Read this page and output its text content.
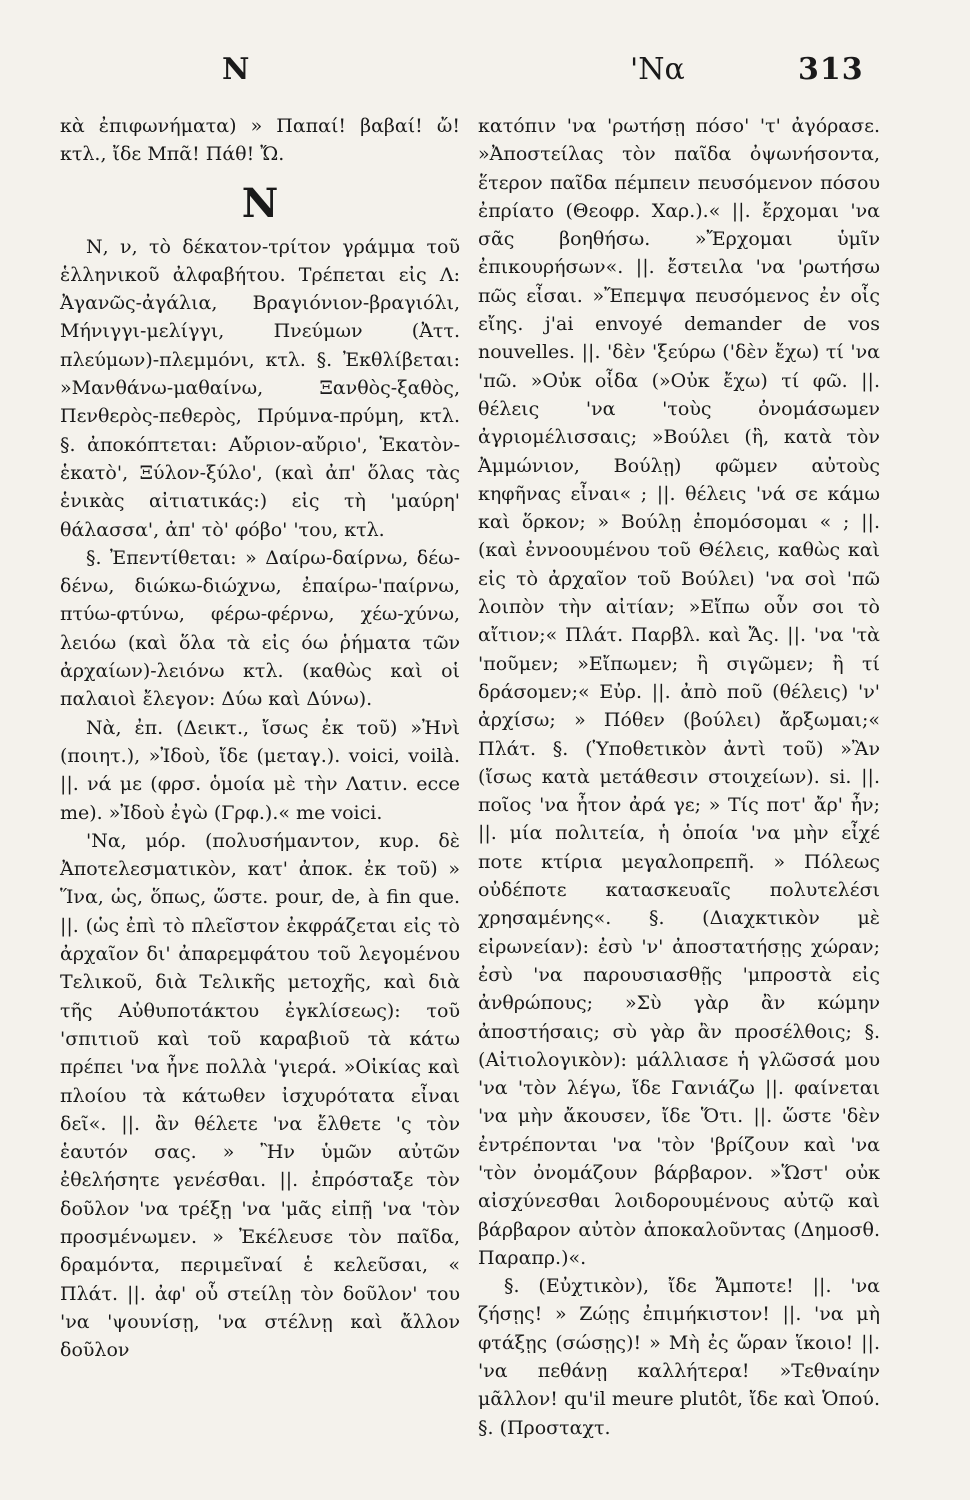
N	'Να	313

κὰ ἐπιφωνήματα) » Παπαί! βαβαί! ὤ! κτλ., ἴδε Μπᾶ! Πάθ! Ὤ.

N

Ν, ν, τὸ δέκατον-τρίτον γράμμα τοῦ ἑλληνικοῦ ἀλφαβήτου. Τρέπεται εἰς Λ: Ἀγανῶς-ἀγάλια, Βραγιόνιον-βραγιόλι, Μήνιγγι-μελίγγι, Πνεύμων (Ἀττ. πλεύμων)-πλεμμόνι, κτλ. §. Ἐκθλίβεται: »Μανθάνω-μαθαίνω, Ξανθὸς-ξαθὸς, Πενθερὸς-πεθερὸς, Πρύμνα-πρύμη, κτλ. §. ἀποκόπτεται: Αὔριον-αὔριο', Ἑκατὸν-ἑκατὸ', Ξύλον-ξύλο', (καὶ ἀπ' ὅλας τὰς ἑνικὰς αἰτιατικάς:) εἰς τὴ 'μαύρη' θάλασσα', ἀπ' τὸ' φόβο' 'του, κτλ.

§. Ἐπεντίθεται: » Δαίρω-δαίρνω, δέω-δένω, διώκω-διώχνω, ἐπαίρω-'παίρνω, πτύω-φτύνω, φέρω-φέρνω, χέω-χύνω, λειόω (καὶ ὅλα τὰ εἰς όω ῥήματα τῶν ἀρχαίων)-λειόνω κτλ. (καθὼς καὶ οἱ παλαιοὶ ἔλεγον: Δύω καὶ Δύνω).

Νὰ, ἐπ. (Δεικτ., ἴσως ἐκ τοῦ) »Ἠνὶ (ποιητ.), »Ἰδοὺ, ἴδε (μεταγ.). voici, voilà. ||. νά με (φρσ. ὁμοία μὲ τὴν Λατιν. ecce me). »Ἰδοὺ ἐγὼ (Γρφ.).« me voici.

'Να, μόρ. (πολυσήμαντον, κυρ. δὲ Ἀποτελεσματικὸν, κατ' ἀποκ. ἐκ τοῦ) » Ἵνα, ὡς, ὅπως, ὥστε. pour, de, à fin que. ||. (ὡς ἐπὶ τὸ πλεῖστον ἐκφράζεται εἰς τὸ ἀρχαῖον δι' ἀπαρεμφάτου τοῦ λεγομένου Τελικοῦ, διὰ Τελικῆς μετοχῆς, καὶ διὰ τῆς Αὐθυποτάκτου ἐγκλίσεως): τοῦ 'σπιτιοῦ καὶ τοῦ καραβιοῦ τὰ κάτω πρέπει 'να ἦνε πολλὰ 'γιερά. »Οἰκίας καὶ πλοίου τὰ κάτωθεν ἰσχυρότατα εἶναι δεῖ«. ||. ἂν θέλετε 'να ἔλθετε 'ς τὸν ἑαυτόν σας. » Ἢν ὑμῶν αὐτῶν ἐθελήσητε γενέσθαι. ||. ἐπρόσταξε τὸν δοῦλον 'να τρέξῃ 'να 'μᾶς εἰπῇ 'να 'τὸν προσμένωμεν. » Ἐκέλευσε τὸν παῖδα, δραμόντα, περιμεῖναί ἑ κελεῦσαι, « Πλάτ. ||. ἀφ' οὗ στείλῃ τὸν δοῦλον' του 'να 'ψουνίσῃ, 'να στέλνῃ καὶ ἄλλον δοῦλον

κατόπιν 'να 'ρωτήσῃ πόσο' 'τ' ἀγόρασε. »Ἀποστείλας τὸν παῖδα ὀψωνήσοντα, ἕτερον παῖδα πέμπειν πευσόμενον πόσου ἐπρίατο (Θεοφρ. Χαρ.).« ||. ἔρχομαι 'να σᾶς βοηθήσω. »Ἔρχομαι ὑμῖν ἐπικουρήσων«. ||. ἔστειλα 'να 'ρωτήσω πῶς εἶσαι. »Ἔπεμψα πευσόμενος ἐν οἷς εἴης. j'ai envoyé demander de vos nouvelles. ||. 'δὲν 'ξεύρω ('δὲν ἔχω) τί 'να 'πῶ. »Οὐκ οἶδα (»Οὐκ ἔχω) τί φῶ. ||. θέλεις 'να 'τοὺς ὀνομάσωμεν ἀγριομέλισσαις; »Βούλει (ἢ, κατὰ τὸν Ἀμμώνιον, Βούλῃ) φῶμεν αὐτοὺς κηφῆνας εἶναι« ; ||. θέλεις 'νά σε κάμω καὶ ὅρκον; » Βούλῃ ἐπομόσομαι « ; ||. (καὶ ἐννοουμένου τοῦ Θέλεις, καθὼς καὶ εἰς τὸ ἀρχαῖον τοῦ Βούλει) 'να σοὶ 'πῶ λοιπὸν τὴν αἰτίαν; »Εἴπω οὖν σοι τὸ αἴτιον;« Πλάτ. Παρβλ. καὶ Ἄς. ||. 'να 'τὰ 'πoῦμεν; »Εἴπωμεν; ἢ σιγῶμεν; ἢ τί δράσομεν;« Εὐρ. ||. ἀπὸ ποῦ (θέλεις) 'ν' ἀρχίσω; » Πόθεν (βούλει) ἄρξωμαι;« Πλάτ. §. (Ὑποθετικὸν ἀντὶ τοῦ) »Ἂν (ἴσως κατὰ μετάθεσιν στοιχείων). si. ||. ποῖος 'να ἦτον ἀρά γε; » Τίς ποτ' ἄρ' ἦν; ||. μία πολιτεία, ἡ ὁποία 'να μὴν εἶχέ ποτε κτίρια μεγαλοπρεπῆ. » Πόλεως οὐδέποτε κατασκευαῖς πολυτελέσι χρησαμένης«. §. (Διαχκτικὸν μὲ εἰρωνείαν): ἐσὺ 'ν' ἀποστατήσῃς χώραν; ἐσὺ 'να παρουσιασθῇς 'μπροστὰ εἰς ἀνθρώπους; »Σὺ γὰρ ἂν κώμην ἀποστήσαις; σὺ γὰρ ἂν προσέλθοις; §. (Αἰτιολογικὸν): μάλλιασε ἡ γλῶσσά μου 'να 'τὸν λέγω, ἴδε Γανιάζω ||. φαίνεται 'να μὴν ἄκουσεν, ἴδε Ὅτι. ||. ὥστε 'δὲν ἐντρέπονται 'να 'τὸν 'βρίζουν καὶ 'να 'τὸν ὀνομάζουν βάρβαρον. »Ὥστ' οὐκ αἰσχύνεσθαι λοιδορουμένους αὐτῷ καὶ βάρβαρον αὐτὸν ἀποκαλοῦντας (Δημοσθ. Παραπρ.)«.

§. (Εὐχτικὸν), ἴδε Ἄμποτε! ||. 'να ζήσῃς! » Ζώῃς ἐπιμήκιστον! ||. 'να μὴ φτάξῃς (σώσῃς)! » Μὴ ἐς ὥραν ἵκοιο! ||. 'να πεθάνῃ καλλήτερα! »Τεθναίην μᾶλλον! qu'il meure plutôt, ἴδε καὶ Ὁπού. §. (Προσταχτ.
